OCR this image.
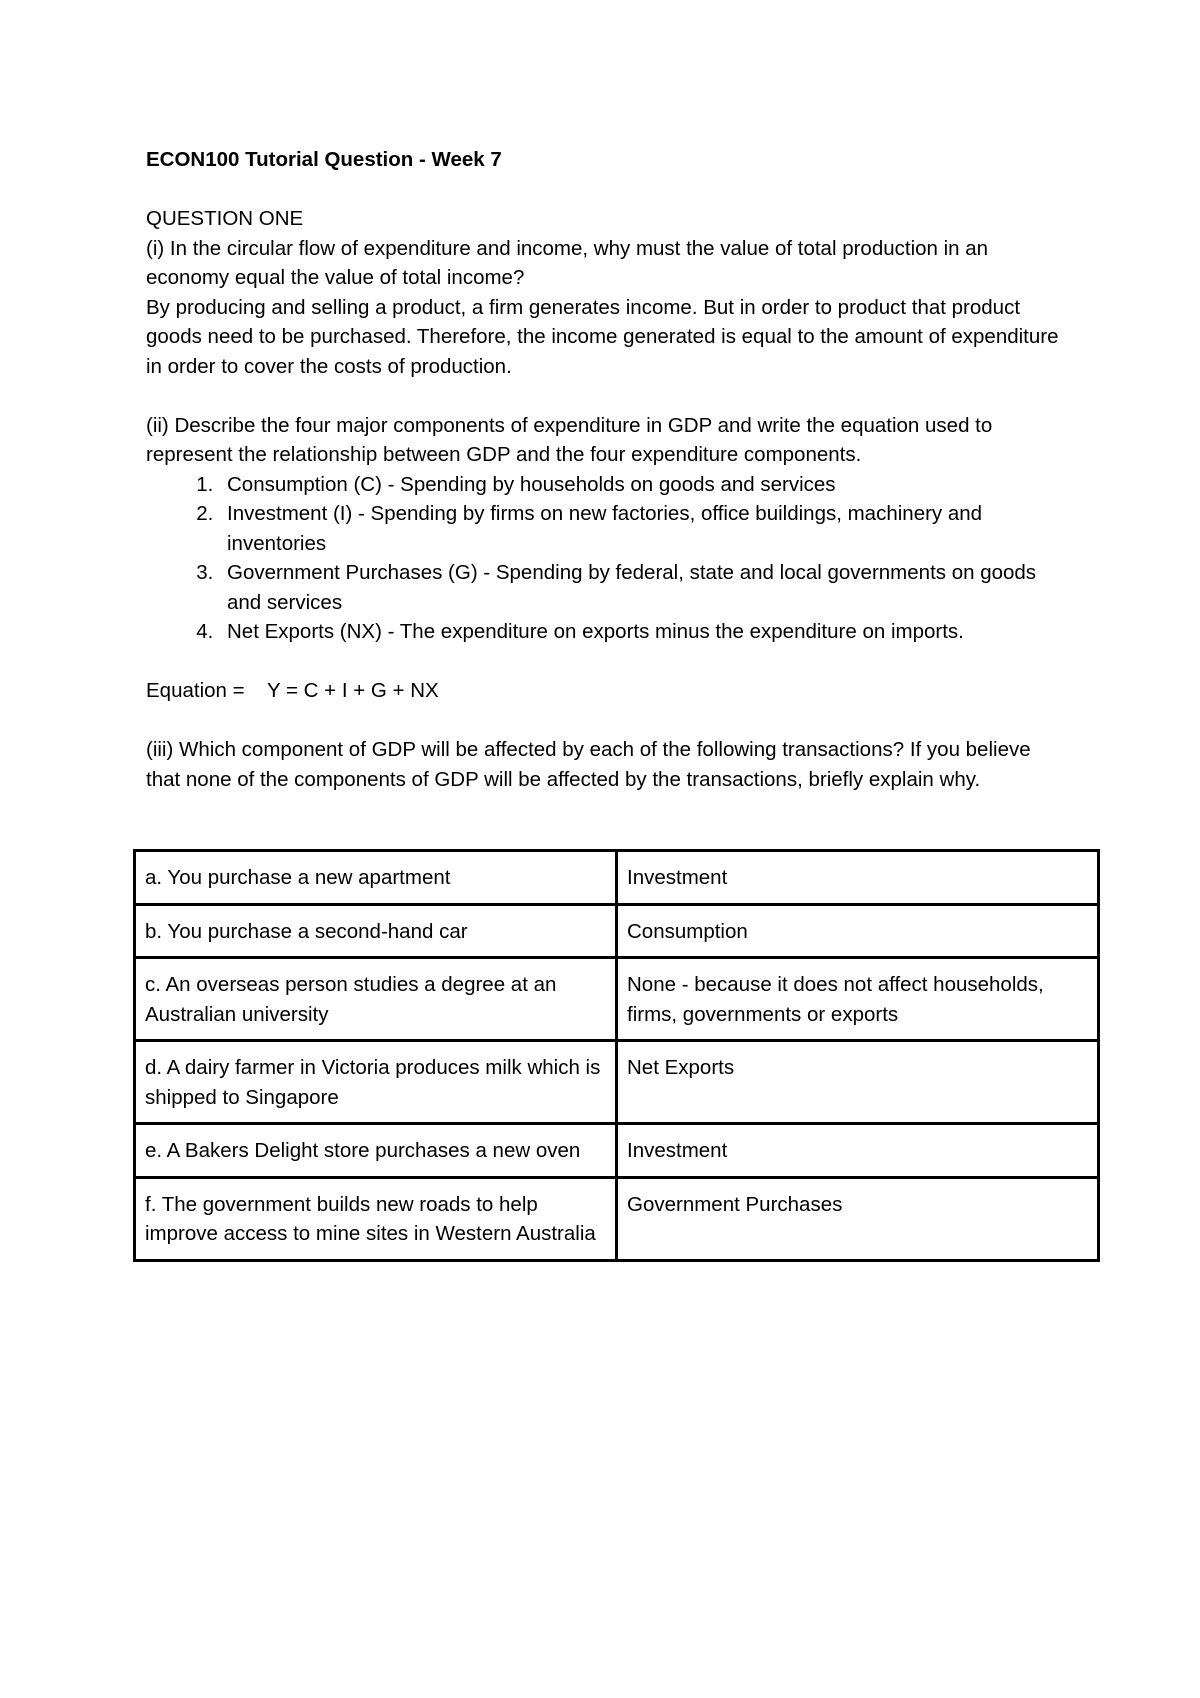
ECON100 Tutorial Question - Week 7

QUESTION ONE

(i) In the circular flow of expenditure and income, why must the value of total production in an economy equal the value of total income?

By producing and selling a product, a firm generates income. But in order to product that product goods need to be purchased. Therefore, the income generated is equal to the amount of expenditure in order to cover the costs of production.

(ii) Describe the four major components of expenditure in GDP and write the equation used to represent the relationship between GDP and the four expenditure components.

1. Consumption (C) - Spending by households on goods and services
2. Investment (I) - Spending by firms on new factories, office buildings, machinery and inventories
3. Government Purchases (G) - Spending by federal, state and local governments on goods and services
4. Net Exports (NX) - The expenditure on exports minus the expenditure on imports.

Equation =    Y = C + I + G + NX

(iii) Which component of GDP will be affected by each of the following transactions? If you believe that none of the components of GDP will be affected by the transactions, briefly explain why.

a. You purchase a new apartment	Investment
b. You purchase a second-hand car	Consumption
c. An overseas person studies a degree at an Australian university	None - because it does not affect households, firms, governments or exports
d. A dairy farmer in Victoria produces milk which is shipped to Singapore	Net Exports
e. A Bakers Delight store purchases a new oven	Investment
f. The government builds new roads to help improve access to mine sites in Western Australia	Government Purchases
